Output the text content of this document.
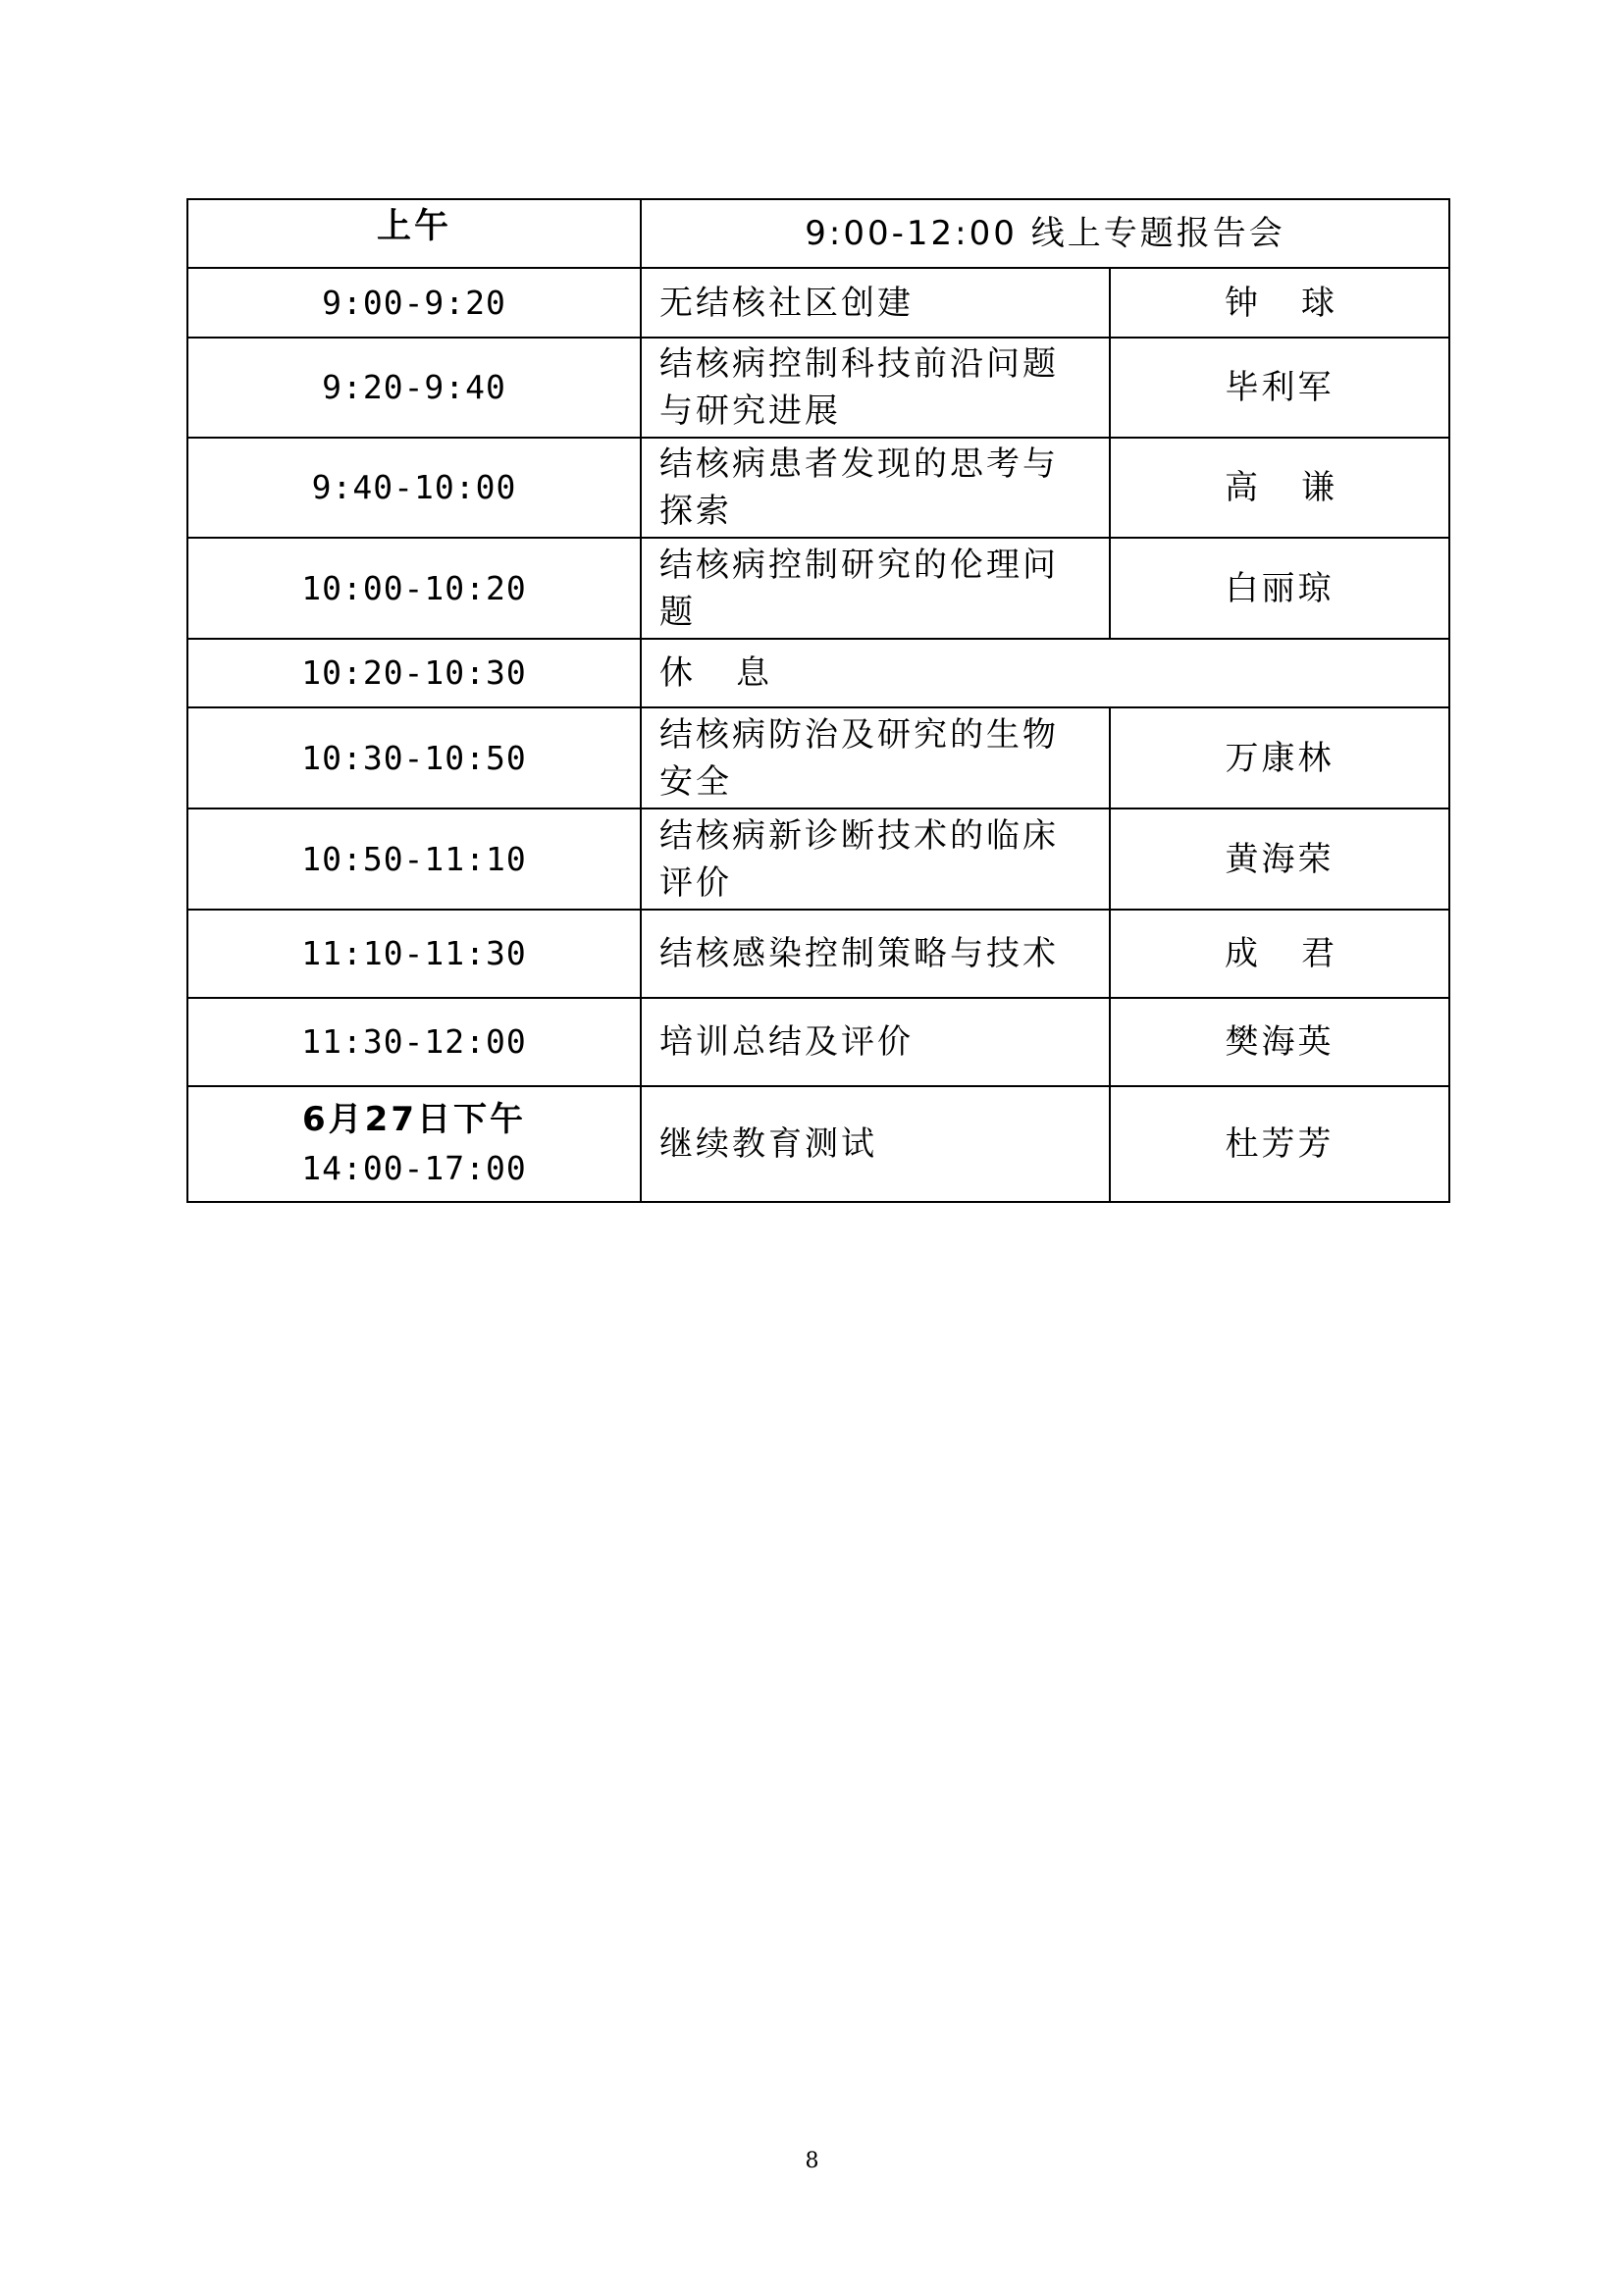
上午	9:00-12:00 线上专题报告会	
9:00-9:20	无结核社区创建	钟球
9:20-9:40	结核病控制科技前沿问题与研究进展	毕利军
9:40-10:00	结核病患者发现的思考与探索	高谦
10:00-10:20	结核病控制研究的伦理问题	白丽琼
10:20-10:30	休息	
10:30-10:50	结核病防治及研究的生物安全	万康林
10:50-11:10	结核病新诊断技术的临床评价	黄海荣
11:10-11:30	结核感染控制策略与技术	成君
11:30-12:00	培训总结及评价	樊海英

6月27日下午
14:00-17:00	继续教育测试	杜芳芳
8
